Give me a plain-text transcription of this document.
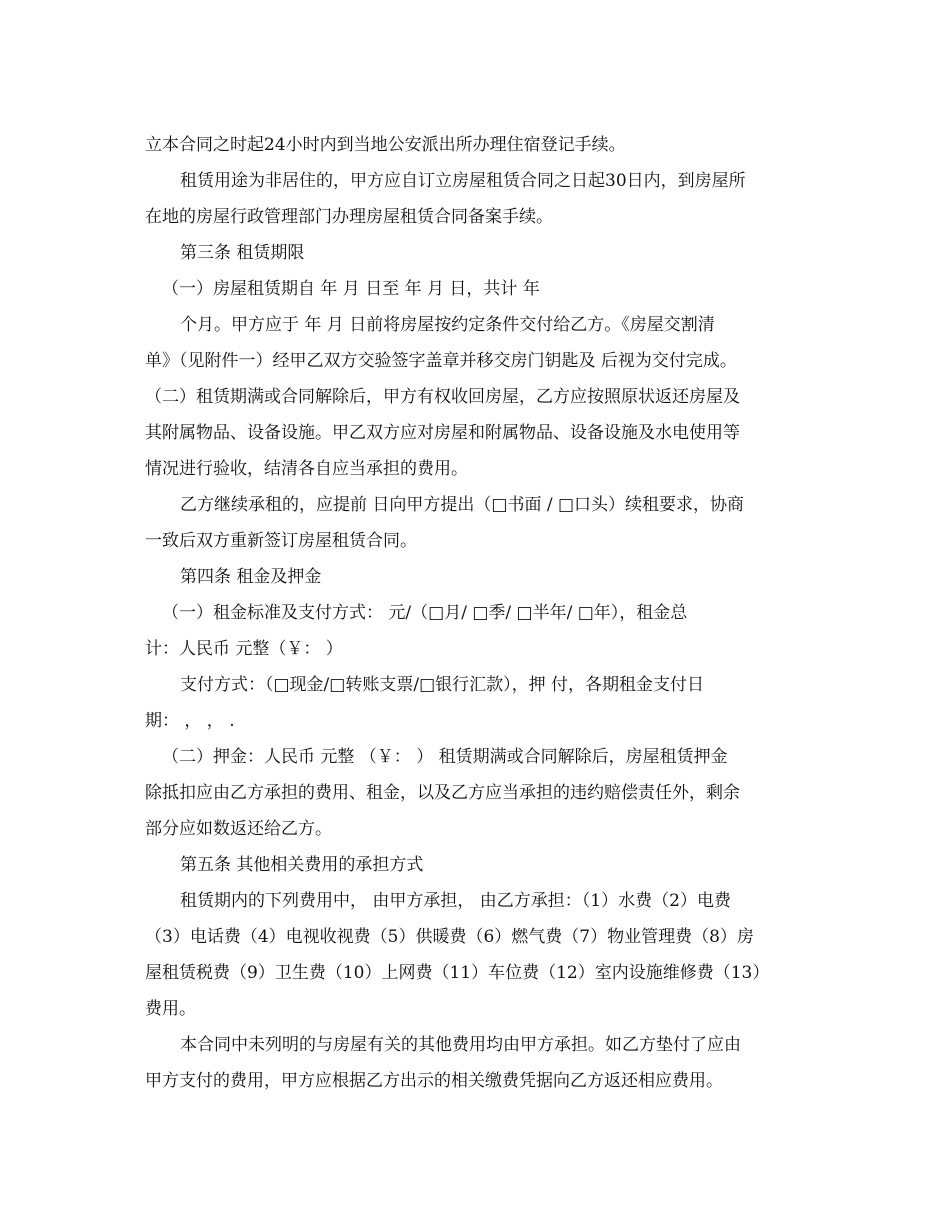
立本合同之时起24小时内到当地公安派出所办理住宿登记手续。
租赁用途为非居住的，甲方应自订立房屋租赁合同之日起30日内，到房屋所
在地的房屋行政管理部门办理房屋租赁合同备案手续。
第三条 租赁期限
（一）房屋租赁期自 年 月 日至 年 月 日，共计 年
个月。甲方应于 年 月 日前将房屋按约定条件交付给乙方。《房屋交割清
单》（见附件一）经甲乙双方交验签字盖章并移交房门钥匙及 后视为交付完成。
（二）租赁期满或合同解除后，甲方有权收回房屋，乙方应按照原状返还房屋及
其附属物品、设备设施。甲乙双方应对房屋和附属物品、设备设施及水电使用等
情况进行验收，结清各自应当承担的费用。
乙方继续承租的，应提前 日向甲方提出（□书面 / □口头）续租要求，协商
一致后双方重新签订房屋租赁合同。
第四条 租金及押金
（一）租金标准及支付方式： 元/（□月/ □季/ □半年/ □年），租金总
计：人民币 元整（￥： ）
支付方式：（□现金/□转账支票/□银行汇款），押 付，各期租金支付日
期： ， ， .
（二）押金：人民币 元整 （￥： ） 租赁期满或合同解除后，房屋租赁押金
除抵扣应由乙方承担的费用、租金，以及乙方应当承担的违约赔偿责任外，剩余
部分应如数返还给乙方。
第五条 其他相关费用的承担方式
租赁期内的下列费用中， 由甲方承担， 由乙方承担：（1）水费（2）电费
（3）电话费（4）电视收视费（5）供暖费（6）燃气费（7）物业管理费（8）房
屋租赁税费（9）卫生费（10）上网费（11）车位费（12）室内设施维修费（13）
费用。
本合同中未列明的与房屋有关的其他费用均由甲方承担。如乙方垫付了应由
甲方支付的费用，甲方应根据乙方出示的相关缴费凭据向乙方返还相应费用。
